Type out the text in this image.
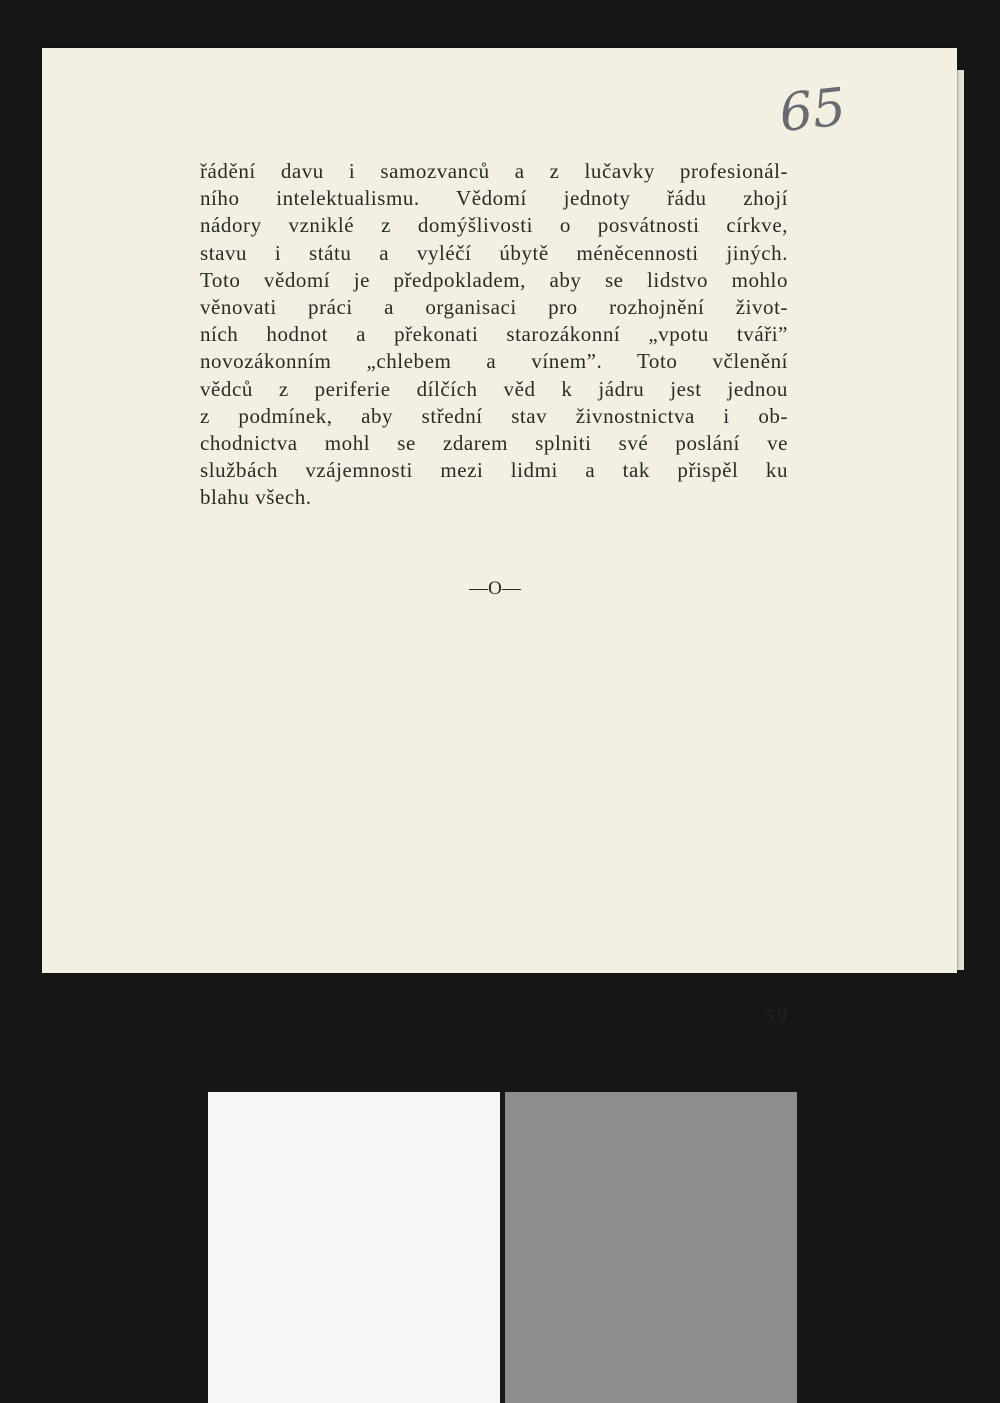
65
řádění davu i samozvanců a z lučavky profesionál-
ního intelektualismu. Vědomí jednoty řádu zhojí
nádory vzniklé z domýšlivosti o posvátnosti církve,
stavu i státu a vyléčí úbytě méněcennosti jiných.
Toto vědomí je předpokladem, aby se lidstvo mohlo
věnovati práci a organisaci pro rozhojnění život-
ních hodnot a překonati starozákonní „vpotu tváři”
novozákonním „chlebem a vínem”. Toto včlenění
vědců z periferie dílčích věd k jádru jest jednou
z podmínek, aby střední stav živnostnictva i ob-
chodnictva mohl se zdarem splniti své poslání ve
službách vzájemnosti mezi lidmi a tak přispěl ku
blahu všech.
—O—
59
